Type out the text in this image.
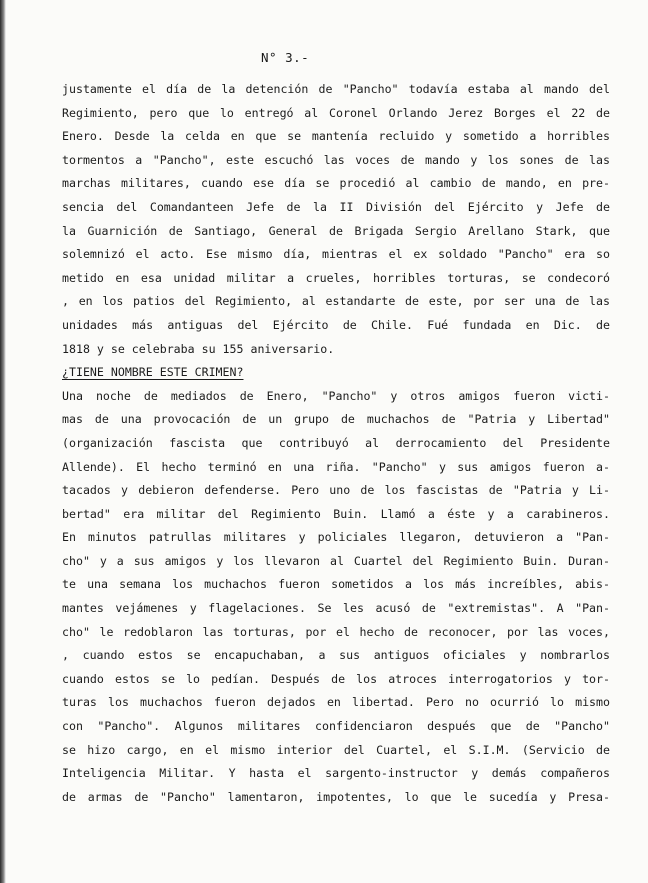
N° 3.-
justamente el día de la detención de "Pancho" todavía estaba al mando del
Regimiento, pero que lo entregó al Coronel Orlando Jerez Borges el 22 de
Enero. Desde la celda en que se mantenía recluido y sometido a horribles
tormentos a "Pancho", este escuchó las voces de mando y los sones de las
marchas militares, cuando ese día se procedió al cambio de mando, en pre-
sencia del Comandanteen Jefe de la II División del Ejército y Jefe de
la Guarnición de Santiago, General de Brigada Sergio Arellano Stark, que
solemnizó el acto. Ese mismo día, mientras el ex soldado "Pancho" era so
metido en esa unidad militar a crueles, horribles torturas, se condecoró
, en los patios del Regimiento, al estandarte de este, por ser una de las
unidades más antiguas del Ejército de Chile. Fué fundada en Dic. de
1818 y se celebraba su 155 aniversario.
¿TIENE NOMBRE ESTE CRIMEN?
Una noche de mediados de Enero, "Pancho" y otros amigos fueron victi-
mas de una provocación de un grupo de muchachos de "Patria y Libertad"
(organización fascista que contribuyó al derrocamiento del Presidente
Allende). El hecho terminó en una riña. "Pancho" y sus amigos fueron a-
tacados y debieron defenderse. Pero uno de los fascistas de "Patria y Li-
bertad" era militar del Regimiento Buin. Llamó a éste y a carabineros.
En minutos patrullas militares y policiales llegaron, detuvieron a "Pan-
cho" y a sus amigos y los llevaron al Cuartel del Regimiento Buin. Duran-
te una semana los muchachos fueron sometidos a los más increíbles, abis-
mantes vejámenes y flagelaciones. Se les acusó de "extremistas". A "Pan-
cho" le redoblaron las torturas, por el hecho de reconocer, por las voces,
, cuando estos se encapuchaban, a sus antiguos oficiales y nombrarlos
cuando estos se lo pedían. Después de los atroces interrogatorios y tor-
turas los muchachos fueron dejados en libertad. Pero no ocurrió lo mismo
con "Pancho". Algunos militares confidenciaron después que de "Pancho"
se hizo cargo, en el mismo interior del Cuartel, el S.I.M. (Servicio de
Inteligencia Militar. Y hasta el sargento-instructor y demás compañeros
de armas de "Pancho" lamentaron, impotentes, lo que le sucedía y Presa-
